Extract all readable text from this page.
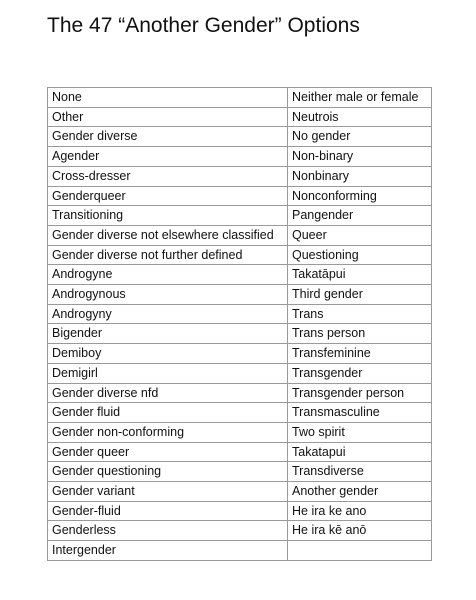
The 47 “Another Gender” Options
None	Neither male or female
Other	Neutrois
Gender diverse	No gender
Agender	Non-binary
Cross-dresser	Nonbinary
Genderqueer	Nonconforming
Transitioning	Pangender
Gender diverse not elsewhere classified	Queer
Gender diverse not further defined	Questioning
Androgyne	Takatāpui
Androgynous	Third gender
Androgyny	Trans
Bigender	Trans person
Demiboy	Transfeminine
Demigirl	Transgender
Gender diverse nfd	Transgender person
Gender fluid	Transmasculine
Gender non-conforming	Two spirit
Gender queer	Takatapui
Gender questioning	Transdiverse
Gender variant	Another gender
Gender-fluid	He ira ke ano
Genderless	He ira kē anō
Intergender	
